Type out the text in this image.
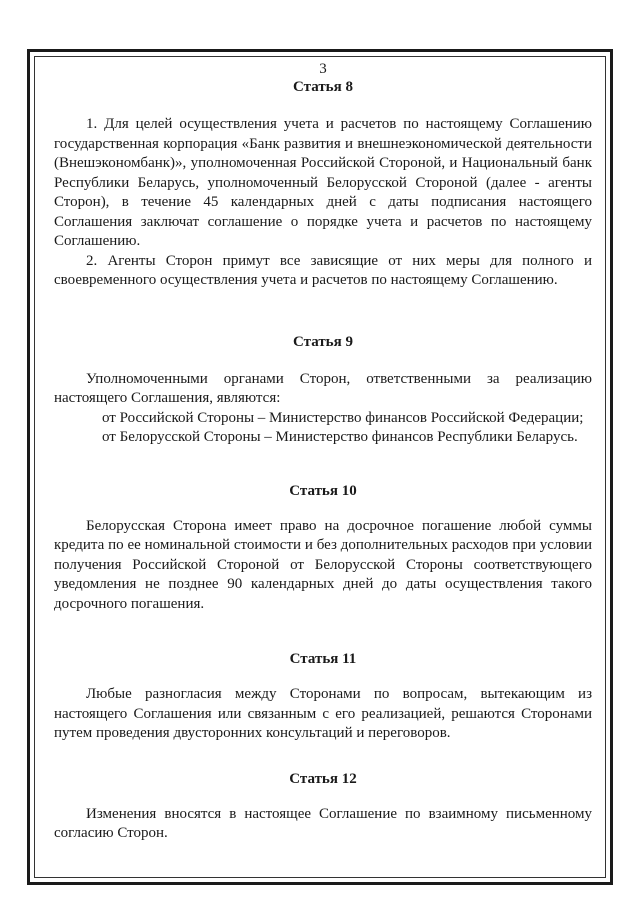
3
Статья 8

1. Для целей осуществления учета и расчетов по настоящему Соглашению государственная корпорация «Банк развития и внешнеэкономической деятельности (Внешэкономбанк)», уполномоченная Российской Стороной, и Национальный банк Республики Беларусь, уполномоченный Белорусской Стороной (далее - агенты Сторон), в течение 45 календарных дней с даты подписания настоящего Соглашения заключат соглашение о порядке учета и расчетов по настоящему Соглашению.

2. Агенты Сторон примут все зависящие от них меры для полного и своевременного осуществления учета и расчетов по настоящему Соглашению.

Статья 9

Уполномоченными органами Сторон, ответственными за реализацию настоящего Соглашения, являются:

от Российской Стороны – Министерство финансов Российской Федерации;

от Белорусской Стороны – Министерство финансов Республики Беларусь.

Статья 10

Белорусская Сторона имеет право на досрочное погашение любой суммы кредита по ее номинальной стоимости и без дополнительных расходов при условии получения Российской Стороной от Белорусской Стороны соответствующего уведомления не позднее 90 календарных дней до даты осуществления такого досрочного погашения.

Статья 11

Любые разногласия между Сторонами по вопросам, вытекающим из настоящего Соглашения или связанным с его реализацией, решаются Сторонами путем проведения двусторонних консультаций и переговоров.

Статья 12

Изменения вносятся в настоящее Соглашение по взаимному письменному согласию Сторон.
